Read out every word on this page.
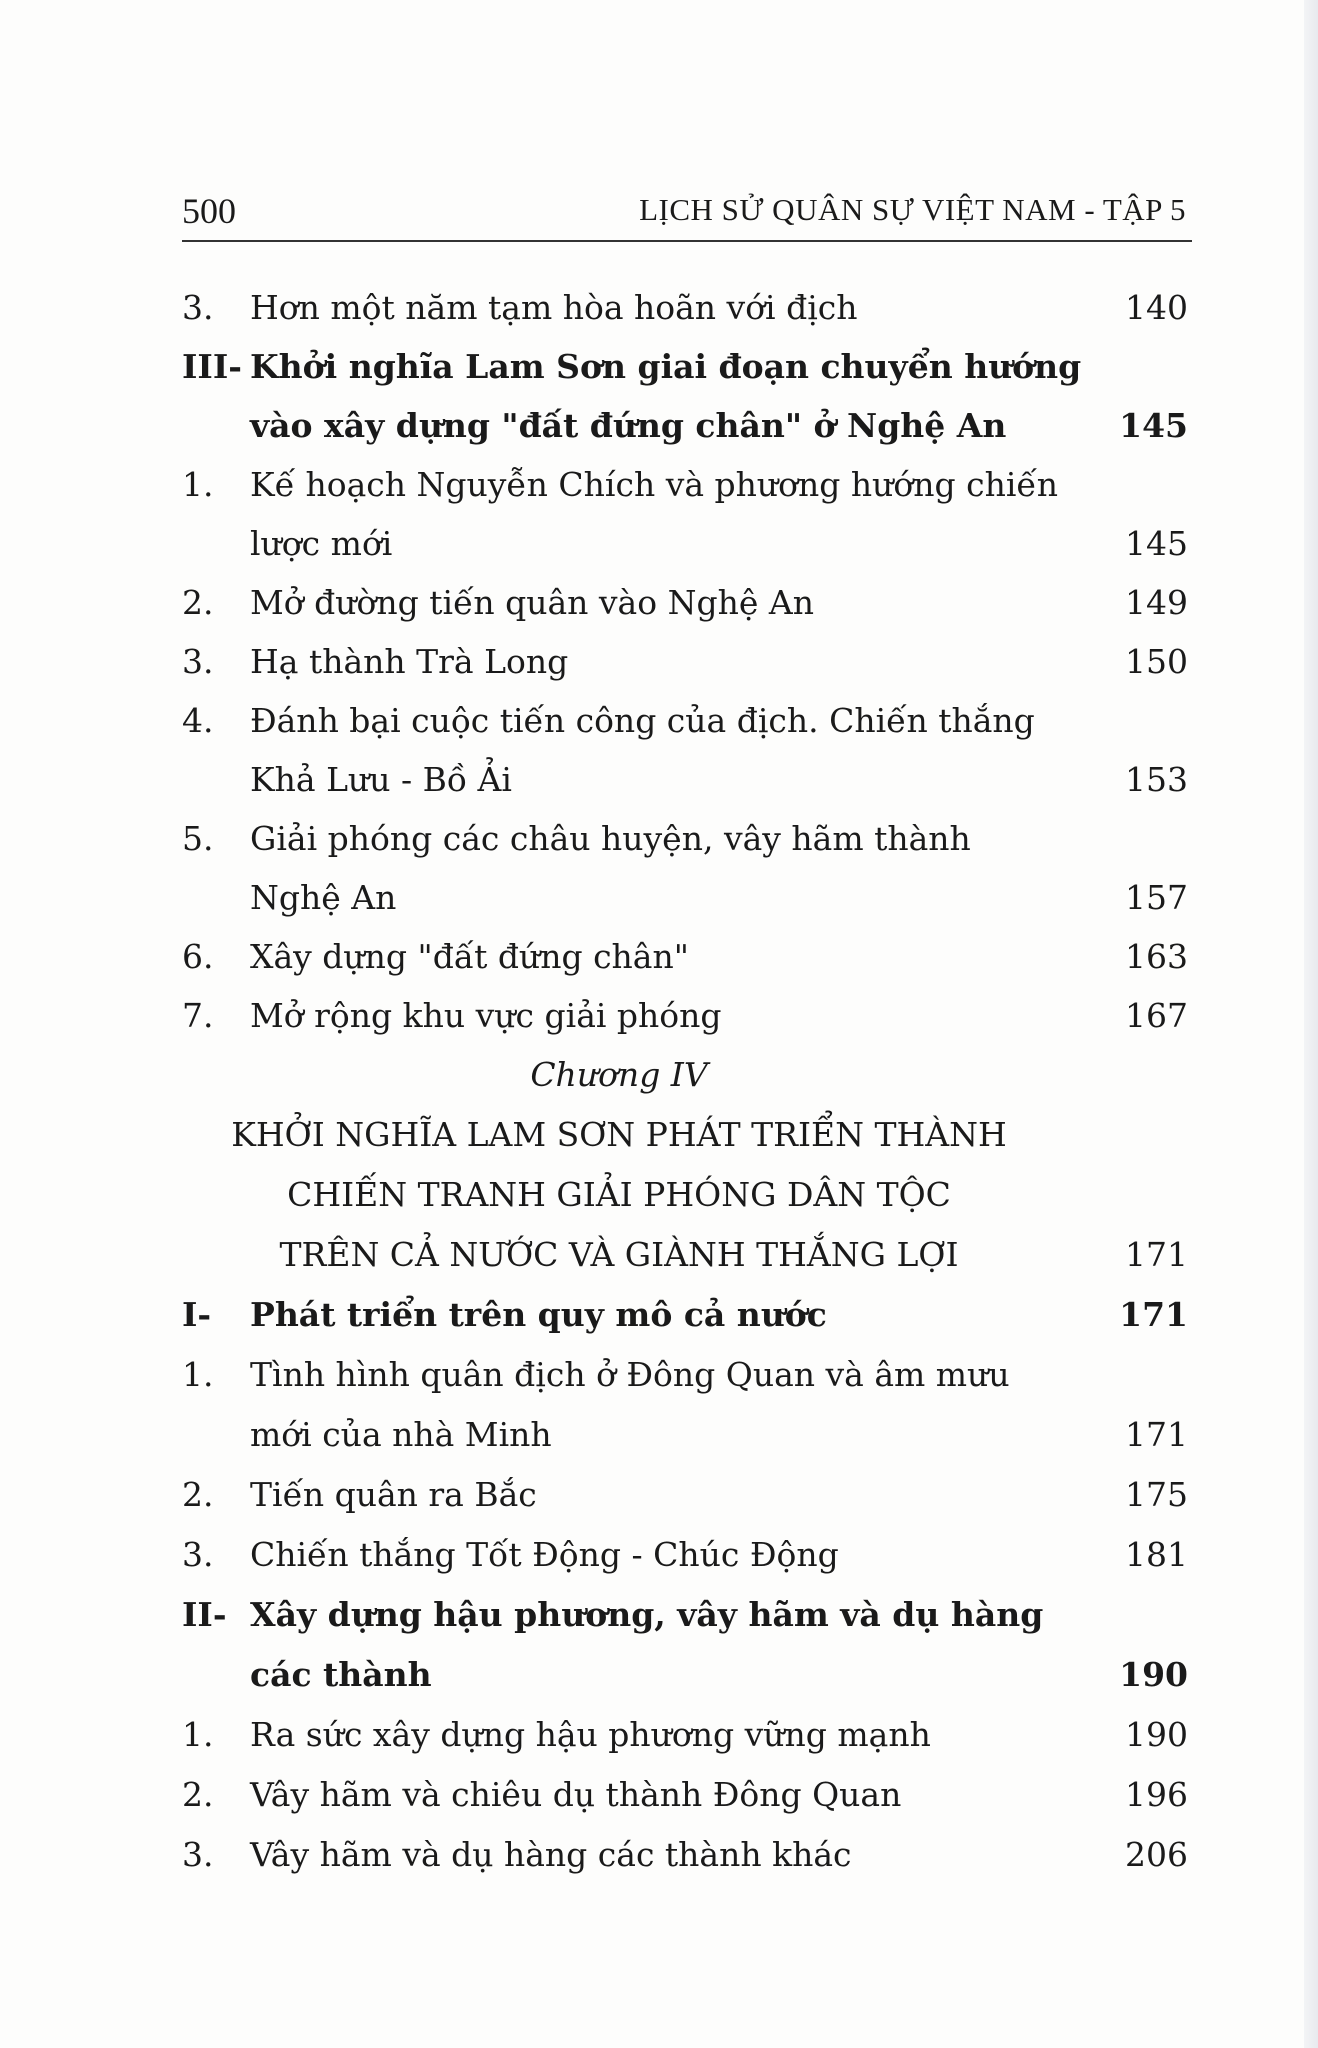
500	LỊCH SỬ QUÂN SỰ VIỆT NAM - TẬP 5
3. Hơn một năm tạm hòa hoãn với địch	140
III- Khởi nghĩa Lam Sơn giai đoạn chuyển hướng
vào xây dựng "đất đứng chân" ở Nghệ An	145
1. Kế hoạch Nguyễn Chích và phương hướng chiến
lược mới	145
2. Mở đường tiến quân vào Nghệ An	149
3. Hạ thành Trà Long	150
4. Đánh bại cuộc tiến công của địch. Chiến thắng
Khả Lưu - Bồ Ải	153
5. Giải phóng các châu huyện, vây hãm thành
Nghệ An	157
6. Xây dựng "đất đứng chân"	163
7. Mở rộng khu vực giải phóng	167
Chương IV
KHỞI NGHĨA LAM SƠN PHÁT TRIỂN THÀNH
CHIẾN TRANH GIẢI PHÓNG DÂN TỘC
TRÊN CẢ NƯỚC VÀ GIÀNH THẮNG LỢI	171
I- Phát triển trên quy mô cả nước	171
1. Tình hình quân địch ở Đông Quan và âm mưu
mới của nhà Minh	171
2. Tiến quân ra Bắc	175
3. Chiến thắng Tốt Động - Chúc Động	181
II- Xây dựng hậu phương, vây hãm và dụ hàng
các thành	190
1. Ra sức xây dựng hậu phương vững mạnh	190
2. Vây hãm và chiêu dụ thành Đông Quan	196
3. Vây hãm và dụ hàng các thành khác	206
